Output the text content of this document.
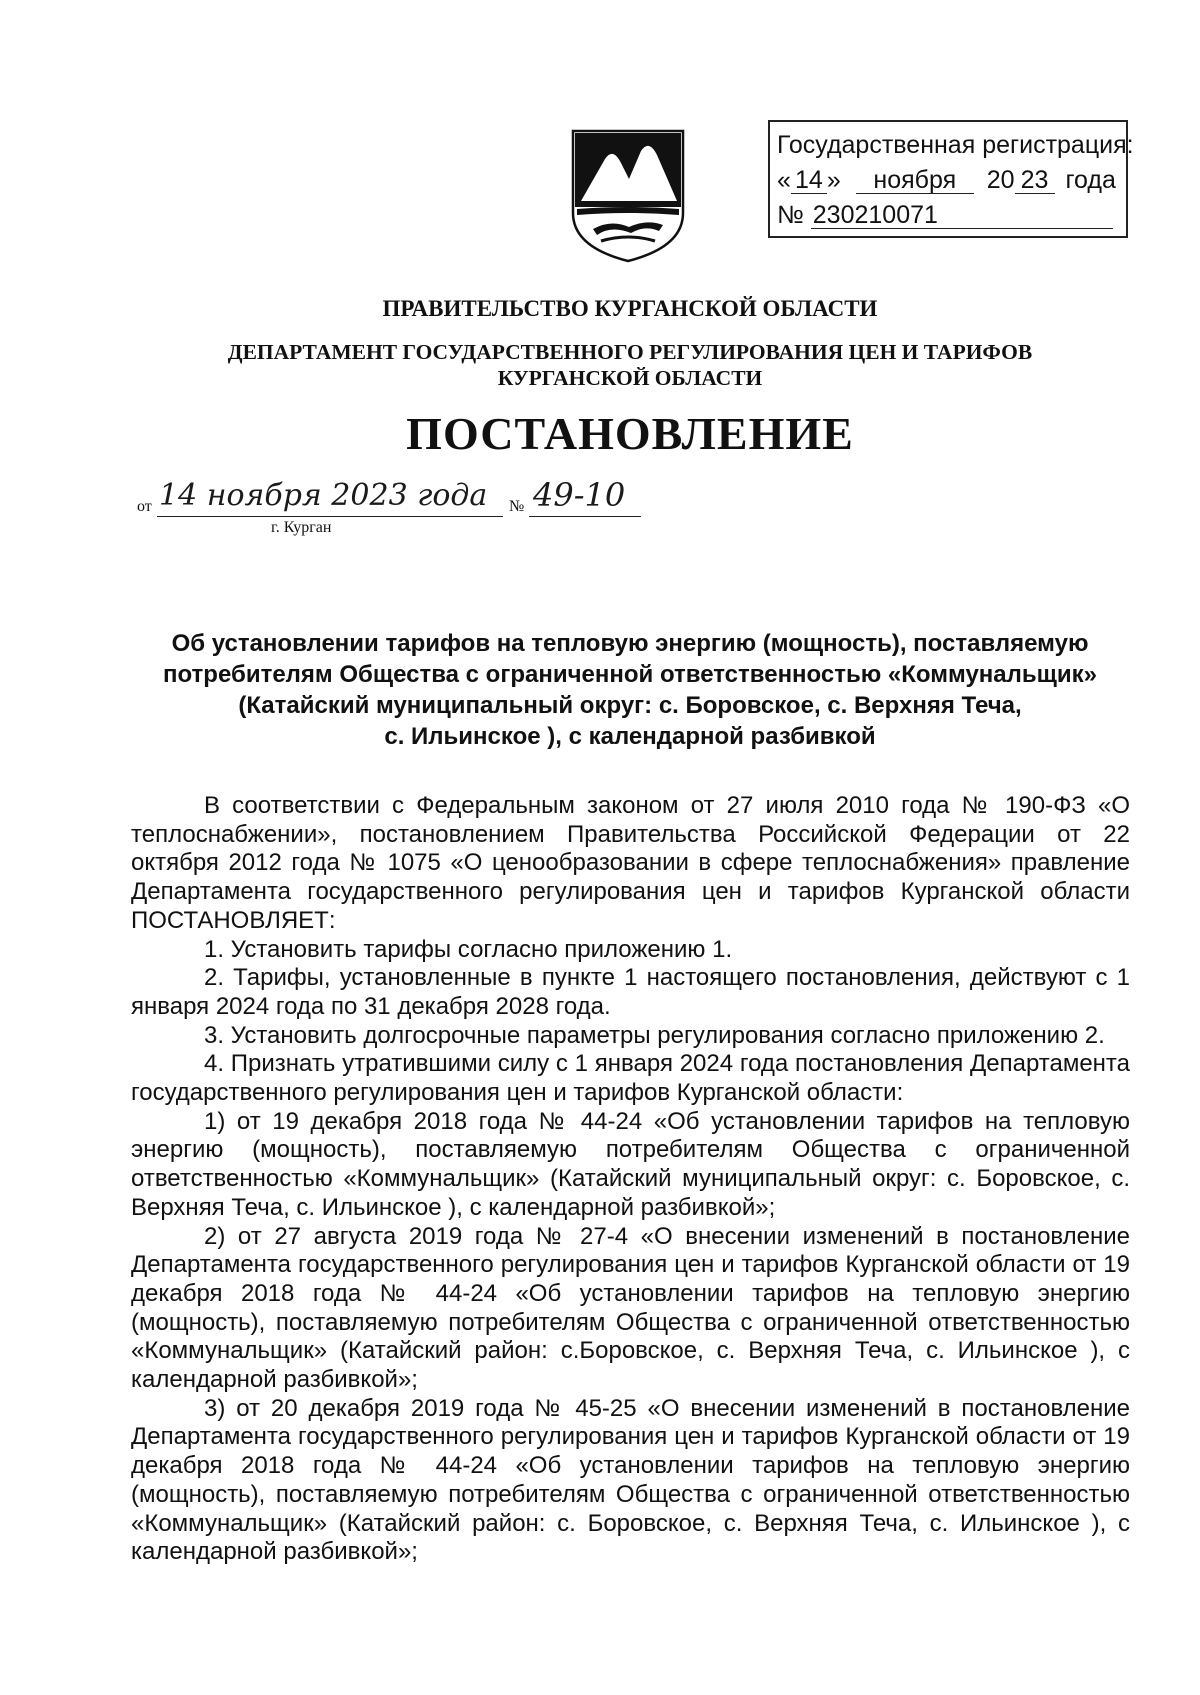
Государственная регистрация:
« 14 » ноября 20 23 года
№ 230210071
ПРАВИТЕЛЬСТВО КУРГАНСКОЙ ОБЛАСТИ
ДЕПАРТАМЕНТ ГОСУДАРСТВЕННОГО РЕГУЛИРОВАНИЯ ЦЕН И ТАРИФОВ
КУРГАНСКОЙ ОБЛАСТИ
ПОСТАНОВЛЕНИЕ
от 14 ноября 2023 года № 49-10
г. Курган
Об установлении тарифов на тепловую энергию (мощность), поставляемую
потребителям Общества с ограниченной ответственностью «Коммунальщик»
(Катайский муниципальный округ: с. Боровское, с. Верхняя Теча,
с. Ильинское ), с календарной разбивкой

В соответствии с Федеральным законом от 27 июля 2010 года № 190-ФЗ «О теплоснабжении», постановлением Правительства Российской Федерации от 22 октября 2012 года № 1075 «О ценообразовании в сфере теплоснабжения» правление Департамента государственного регулирования цен и тарифов Курганской области ПОСТАНОВЛЯЕТ:

1. Установить тарифы согласно приложению 1.

2. Тарифы, установленные в пункте 1 настоящего постановления, действуют с 1 января 2024 года по 31 декабря 2028 года.

3. Установить долгосрочные параметры регулирования согласно приложению 2.

4. Признать утратившими силу с 1 января 2024 года постановления Департамента государственного регулирования цен и тарифов Курганской области:

1) от 19 декабря 2018 года № 44-24 «Об установлении тарифов на тепловую энергию (мощность), поставляемую потребителям Общества с ограниченной ответственностью «Коммунальщик» (Катайский муниципальный округ: с. Боровское, с. Верхняя Теча, с. Ильинское ), с календарной разбивкой»;

2) от 27 августа 2019 года № 27-4 «О внесении изменений в постановление Департамента государственного регулирования цен и тарифов Курганской области от 19 декабря 2018 года № 44-24 «Об установлении тарифов на тепловую энергию (мощность), поставляемую потребителям Общества с ограниченной ответственностью «Коммунальщик» (Катайский район: с.Боровское, с. Верхняя Теча, с. Ильинское ), с календарной разбивкой»;

3) от 20 декабря 2019 года № 45-25 «О внесении изменений в постановление Департамента государственного регулирования цен и тарифов Курганской области от 19 декабря 2018 года № 44-24 «Об установлении тарифов на тепловую энергию (мощность), поставляемую потребителям Общества с ограниченной ответственностью «Коммунальщик» (Катайский район: с. Боровское, с. Верхняя Теча, с. Ильинское ), с календарной разбивкой»;
